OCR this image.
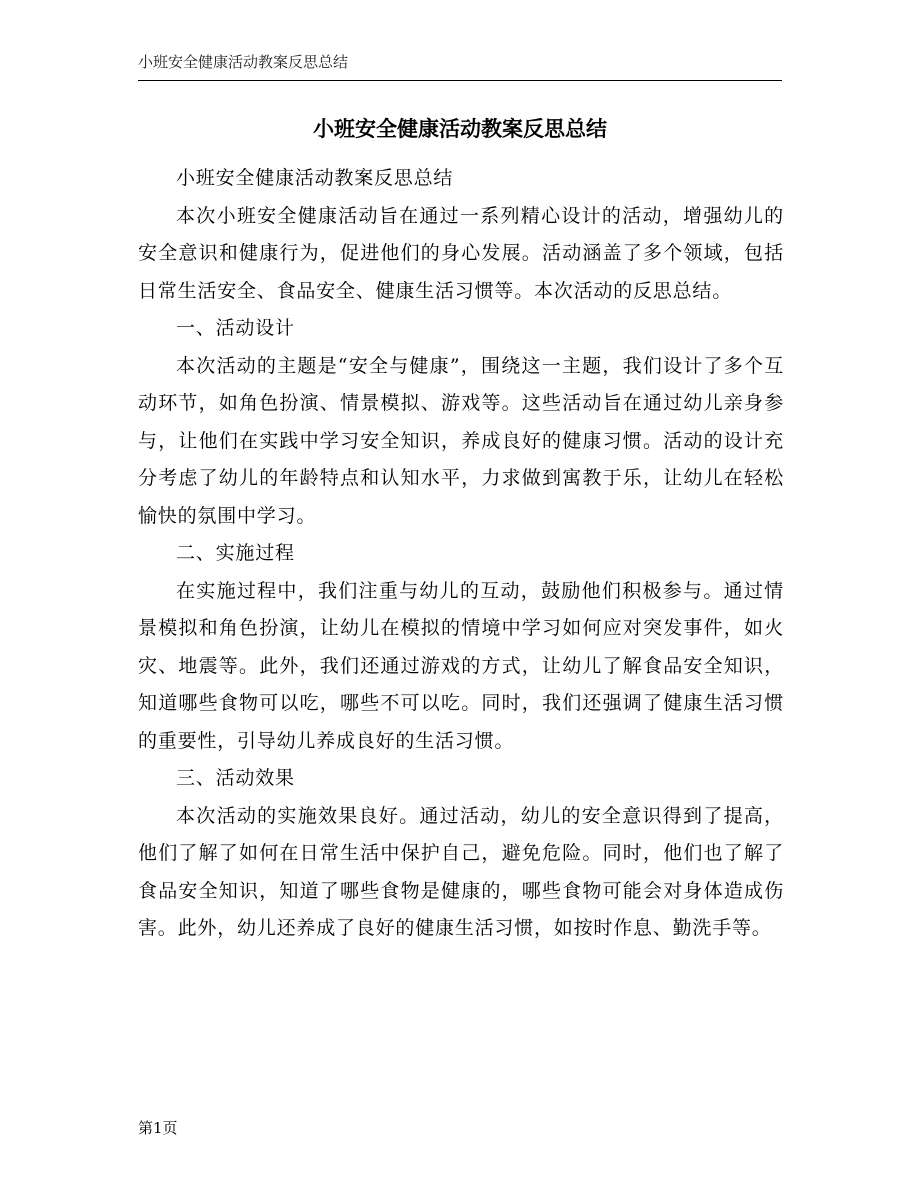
小班安全健康活动教案反思总结
小班安全健康活动教案反思总结

小班安全健康活动教案反思总结

本次小班安全健康活动旨在通过一系列精心设计的活动，增强幼儿的安全意识和健康行为，促进他们的身心发展。活动涵盖了多个领域，包括日常生活安全、食品安全、健康生活习惯等。本次活动的反思总结。

一、活动设计

本次活动的主题是“安全与健康”，围绕这一主题，我们设计了多个互动环节，如角色扮演、情景模拟、游戏等。这些活动旨在通过幼儿亲身参与，让他们在实践中学习安全知识，养成良好的健康习惯。活动的设计充分考虑了幼儿的年龄特点和认知水平，力求做到寓教于乐，让幼儿在轻松愉快的氛围中学习。

二、实施过程

在实施过程中，我们注重与幼儿的互动，鼓励他们积极参与。通过情景模拟和角色扮演，让幼儿在模拟的情境中学习如何应对突发事件，如火灾、地震等。此外，我们还通过游戏的方式，让幼儿了解食品安全知识，知道哪些食物可以吃，哪些不可以吃。同时，我们还强调了健康生活习惯的重要性，引导幼儿养成良好的生活习惯。

三、活动效果

本次活动的实施效果良好。通过活动，幼儿的安全意识得到了提高，他们了解了如何在日常生活中保护自己，避免危险。同时，他们也了解了食品安全知识，知道了哪些食物是健康的，哪些食物可能会对身体造成伤害。此外，幼儿还养成了良好的健康生活习惯，如按时作息、勤洗手等。

第1页
